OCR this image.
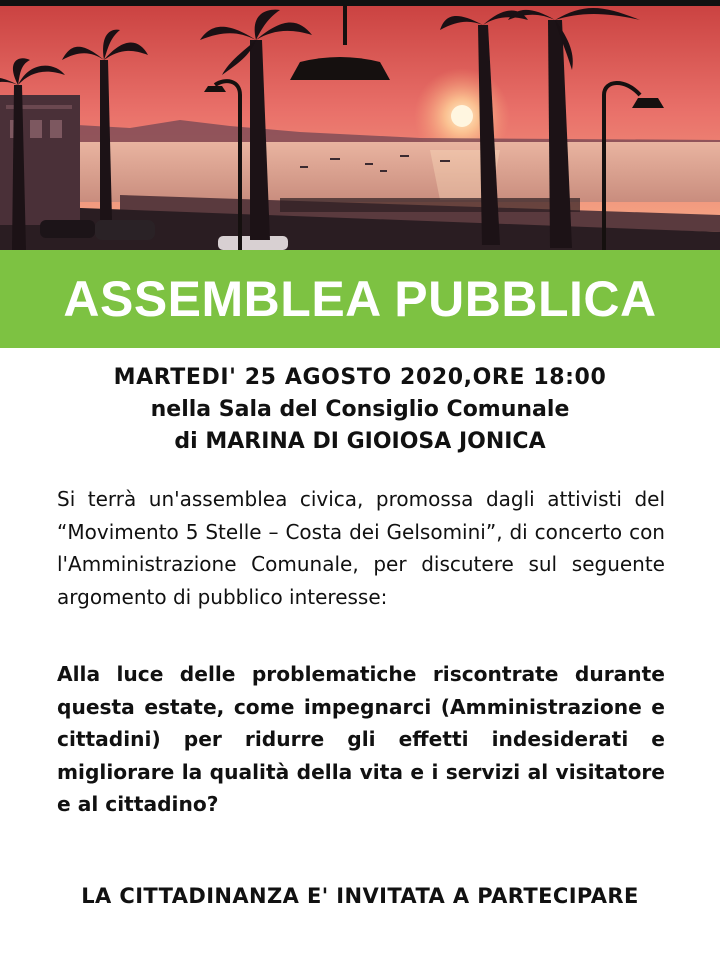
ASSEMBLEA PUBBLICA
MARTEDI' 25 AGOSTO 2020,ORE 18:00
nella Sala del Consiglio Comunale
di MARINA DI GIOIOSA JONICA
Si terrà un'assemblea civica, promossa dagli attivisti del “Movimento 5 Stelle – Costa dei Gelsomini”, di concerto con l'Amministrazione Comunale, per discutere sul seguente argomento di pubblico interesse:
Alla luce delle problematiche riscontrate durante questa estate, come impegnarci (Amministrazione e cittadini) per ridurre gli effetti indesiderati e migliorare la qualità della vita e i servizi al visitatore e al cittadino?
LA CITTADINANZA E' INVITATA A PARTECIPARE
